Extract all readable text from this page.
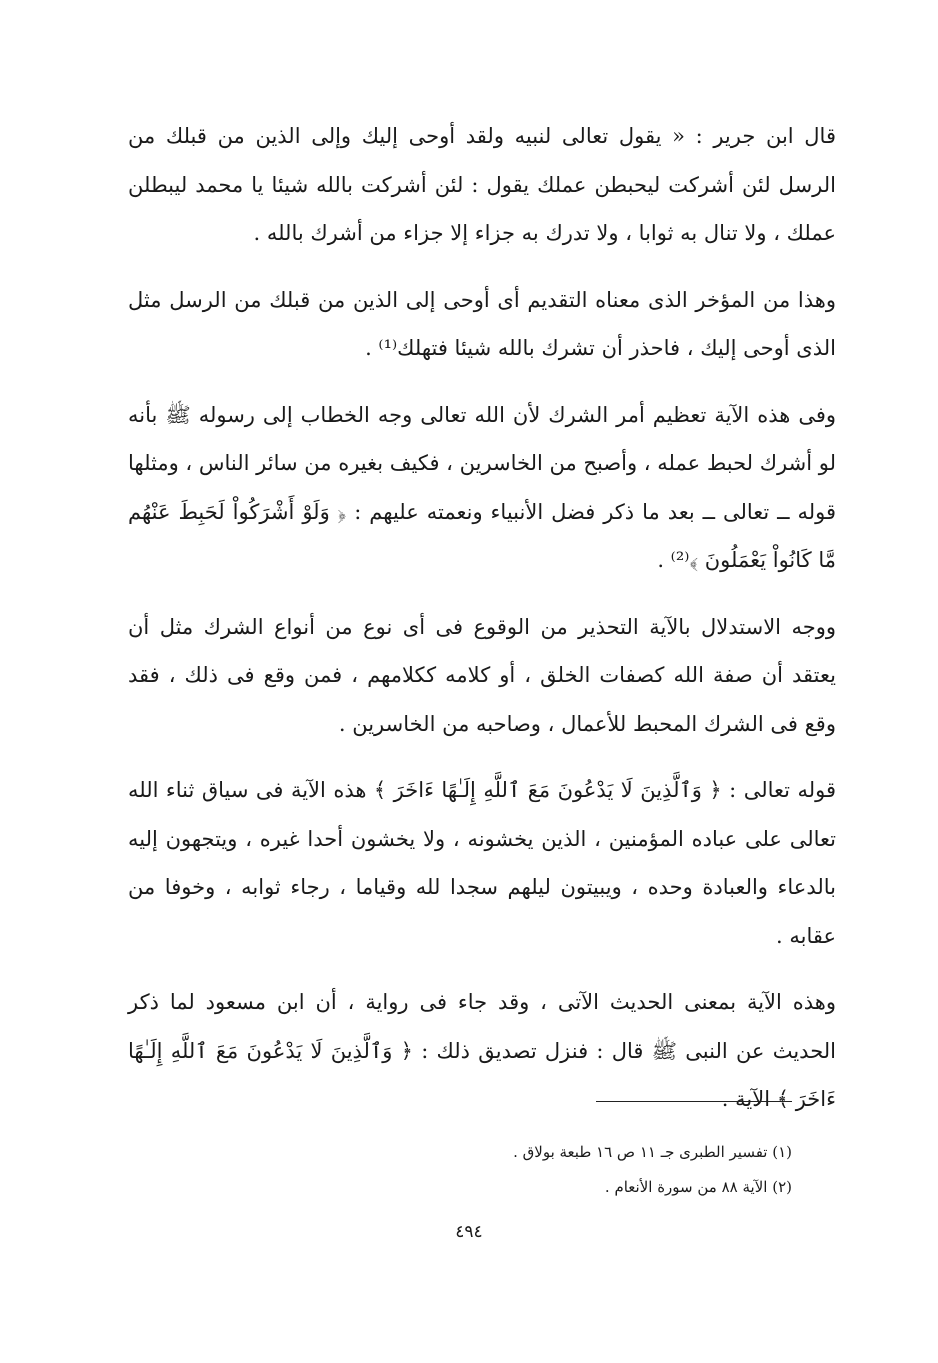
قال ابن جرير : « يقول تعالى لنبيه ولقد أوحى إليك وإلى الذين من قبلك من الرسل لئن أشركت ليحبطن عملك يقول : لئن أشركت بالله شيئا يا محمد ليبطلن عملك ، ولا تنال به ثوابا ، ولا تدرك به جزاء إلا جزاء من أشرك بالله .

وهذا من المؤخر الذى معناه التقديم أى أوحى إلى الذين من قبلك من الرسل مثل الذى أوحى إليك ، فاحذر أن تشرك بالله شيئا فتهلك⁽¹⁾ .

وفى هذه الآية تعظيم أمر الشرك لأن الله تعالى وجه الخطاب إلى رسوله ﷺ بأنه لو أشرك لحبط عمله ، وأصبح من الخاسرين ، فكيف بغيره من سائر الناس ، ومثلها قوله ــ تعالى ــ بعد ما ذكر فضل الأنبياء ونعمته عليهم : ﴿ وَلَوْ أَشْرَكُواْ لَحَبِطَ عَنْهُم مَّا كَانُواْ يَعْمَلُونَ ﴾⁽²⁾ .

ووجه الاستدلال بالآية التحذير من الوقوع فى أى نوع من أنواع الشرك مثل أن يعتقد أن صفة الله كصفات الخلق ، أو كلامه ككلامهم ، فمن وقع فى ذلك ، فقد وقع فى الشرك المحبط للأعمال ، وصاحبه من الخاسرين .

قوله تعالى : ﴿ وَٱلَّذِينَ لَا يَدْعُونَ مَعَ ٱللَّهِ إِلَـٰهًا ءَاخَرَ ﴾ هذه الآية فى سياق ثناء الله تعالى على عباده المؤمنين ، الذين يخشونه ، ولا يخشون أحدا غيره ، ويتجهون إليه بالدعاء والعبادة وحده ، ويبيتون ليلهم سجدا لله وقياما ، رجاء ثوابه ، وخوفا من عقابه .

وهذه الآية بمعنى الحديث الآتى ، وقد جاء فى رواية ، أن ابن مسعود لما ذكر الحديث عن النبى ﷺ قال : فنزل تصديق ذلك : ﴿ وَٱلَّذِينَ لَا يَدْعُونَ مَعَ ٱللَّهِ إِلَـٰهًا ءَاخَرَ ﴾ الآية .

(١) تفسير الطبرى جـ ١١ ص ١٦ طبعة بولاق .
(٢) الآية ٨٨ من سورة الأنعام .
٤٩٤
